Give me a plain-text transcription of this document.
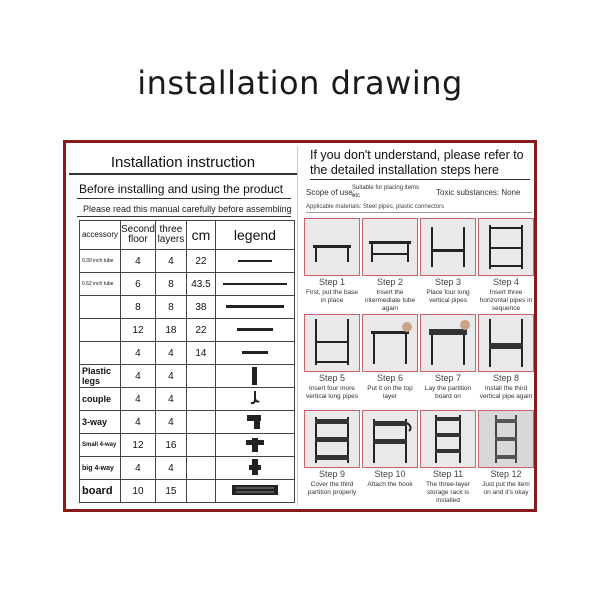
installation drawing
Installation instruction
Before installing and using the product
Please read this manual carefully before assembling
accessory	Second floor	three layers	cm	legend
0.39 inch tube	4	4	22	
0.62 inch tube	6	8	43.5	
	8	8	38	
	12	18	22	
	4	4	14	
Plastic legs	4	4		
couple	4	4		
3-way	4	4		
Small 4-way	12	16		
big 4-way	4	4		
board	10	15		
If you don't understand, please refer to the detailed installation steps here
Scope of use:
Suitable for placing items etc	Toxic substances: None
Applicable materials: Steel pipes, plastic connectors
Step 1
First, put the base in place
Step 2
Insert the intermediate tube again
Step 3
Place four long vertical pipes
Step 4
Insert three horizontal pipes in sequence
Step 5
Insert four more vertical long pipes
Step 6
Put it on the top layer
Step 7
Lay the partition board on
Step 8
Install the third vertical pipe again
Step 9
Cover the third partition properly
Step 10
Attach the hook
Step 11
The three-layer storage rack is installed
Step 12
Just put the item on and it's okay
